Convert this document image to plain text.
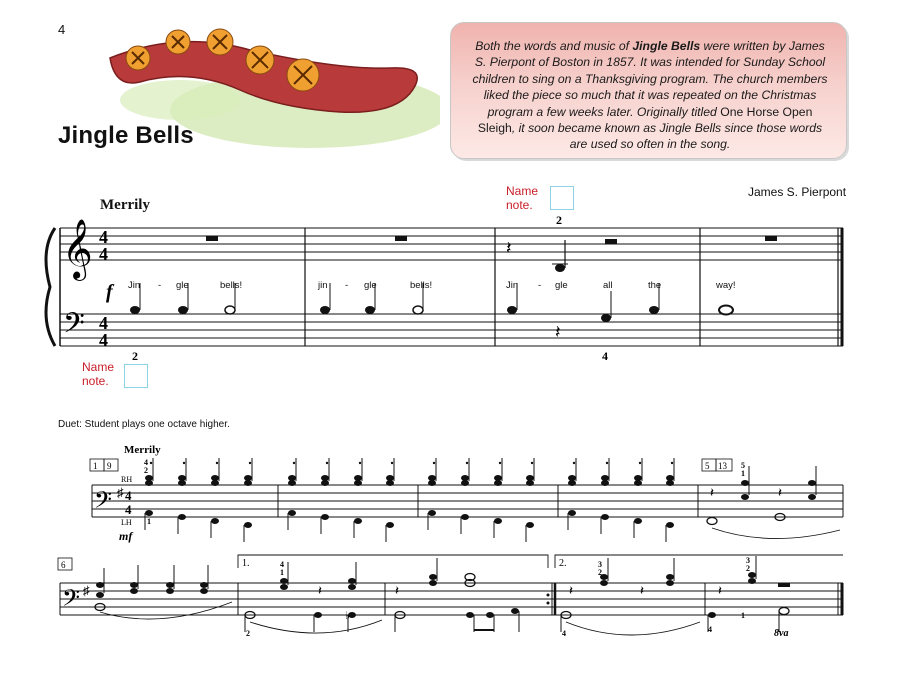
4
Jingle Bells
Both the words and music of Jingle Bells were written by James S. Pierpont of Boston in 1857. It was intended for Sunday School children to sing on a Thanksgiving program. The church members liked the piece so much that it was repeated on the Christmas program a few weeks later. Originally titled One Horse Open Sleigh, it soon became known as Jingle Bells since those words are used so often in the song.
James S. Pierpont
Merrily
Name
note.
Name
note.
𝄞
𝄢
4
4
4
4
𝄽
2
f
𝄽
2	4
Jin - gle	bells!	jin - gle	bells!	Jin - gle	all	the	way!
Duet: Student plays one octave higher.
Merrily
1 9	5 13
6
𝄢 ♯ 4
4
RH
LH
mf
𝄽	𝄽
𝄢 ♯
1.	2.
𝄽	𝄽	𝄽	𝄽	𝄽
♭
4
2
1
5
1
4
1
2
3
2
4
3
2
4
1
8va
